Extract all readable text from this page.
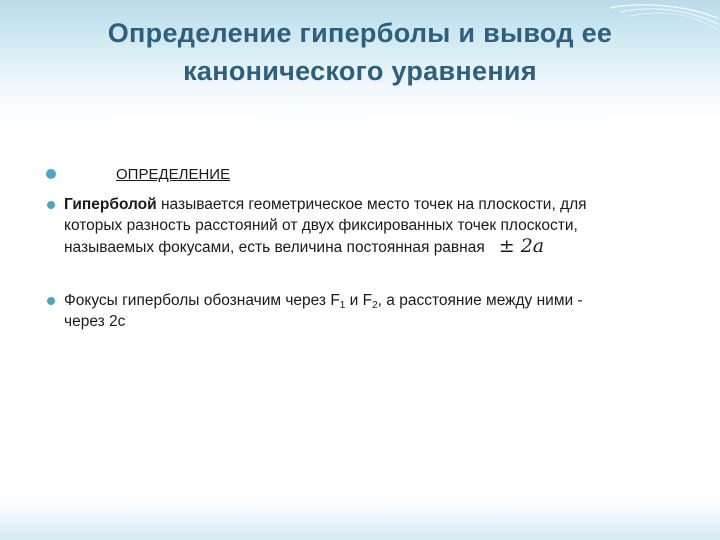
Определение гиперболы и вывод ее
канонического уравнения
ОПРЕДЕЛЕНИЕ
Гиперболой называется геометрическое место точек на плоскости, для
которых разность расстояний от двух фиксированных точек плоскости,
называемых фокусами, есть величина постоянная равная ± 2a
Фокусы гиперболы обозначим через $F_1$ и $F_2$, а расстояние между ними -
через 2с
